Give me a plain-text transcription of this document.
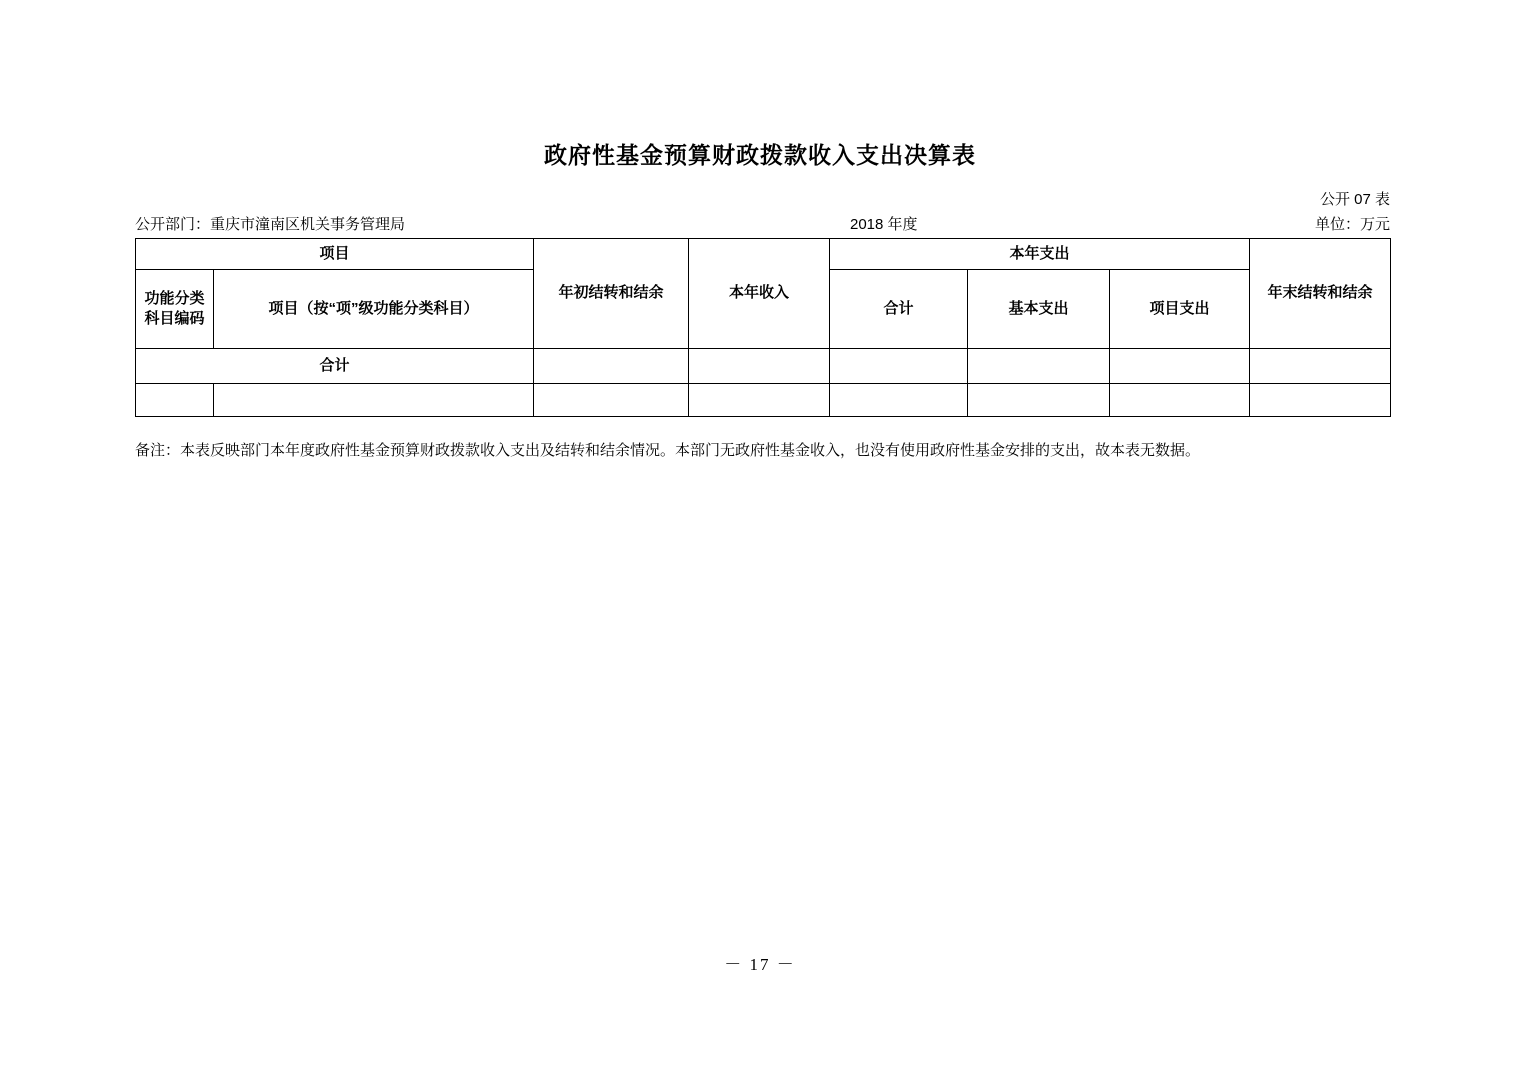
政府性基金预算财政拨款收入支出决算表
公开 07 表
公开部门：重庆市潼南区机关事务管理局	2018 年度	单位：万元
项目		年初结转和结余	本年收入	本年支出			年末结转和结余

功能分类
科目编码	项目（按“项”级功能分类科目）			合计	基本支出	项目支出	
合计							

备注：本表反映部门本年度政府性基金预算财政拨款收入支出及结转和结余情况。本部门无政府性基金收入，也没有使用政府性基金安排的支出，故本表无数据。
－ 17 －
